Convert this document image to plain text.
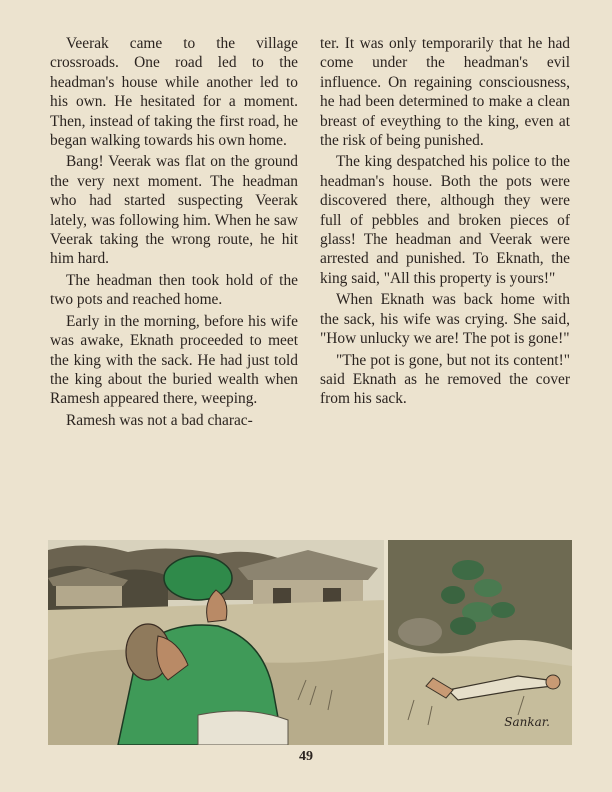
Veerak came to the village crossroads. One road led to the headman's house while another led to his own. He hesitated for a moment. Then, instead of taking the first road, he began walking towards his own home.

Bang! Veerak was flat on the ground the very next moment. The headman who had started suspecting Veerak lately, was following him. When he saw Veerak taking the wrong route, he hit him hard.

The headman then took hold of the two pots and reached home.

Early in the morning, before his wife was awake, Eknath proceeded to meet the king with the sack. He had just told the king about the buried wealth when Ramesh appeared there, weeping.

Ramesh was not a bad charac-

ter. It was only temporarily that he had come under the headman's evil influence. On regaining consciousness, he had been determined to make a clean breast of eveything to the king, even at the risk of being punished.

The king despatched his police to the headman's house. Both the pots were discovered there, although they were full of pebbles and broken pieces of glass! The headman and Veerak were arrested and punished. To Eknath, the king said, "All this property is yours!"

When Eknath was back home with the sack, his wife was crying. She said, "How unlucky we are! The pot is gone!"

"The pot is gone, but not its content!" said Eknath as he removed the cover from his sack.

Sankar.
49
